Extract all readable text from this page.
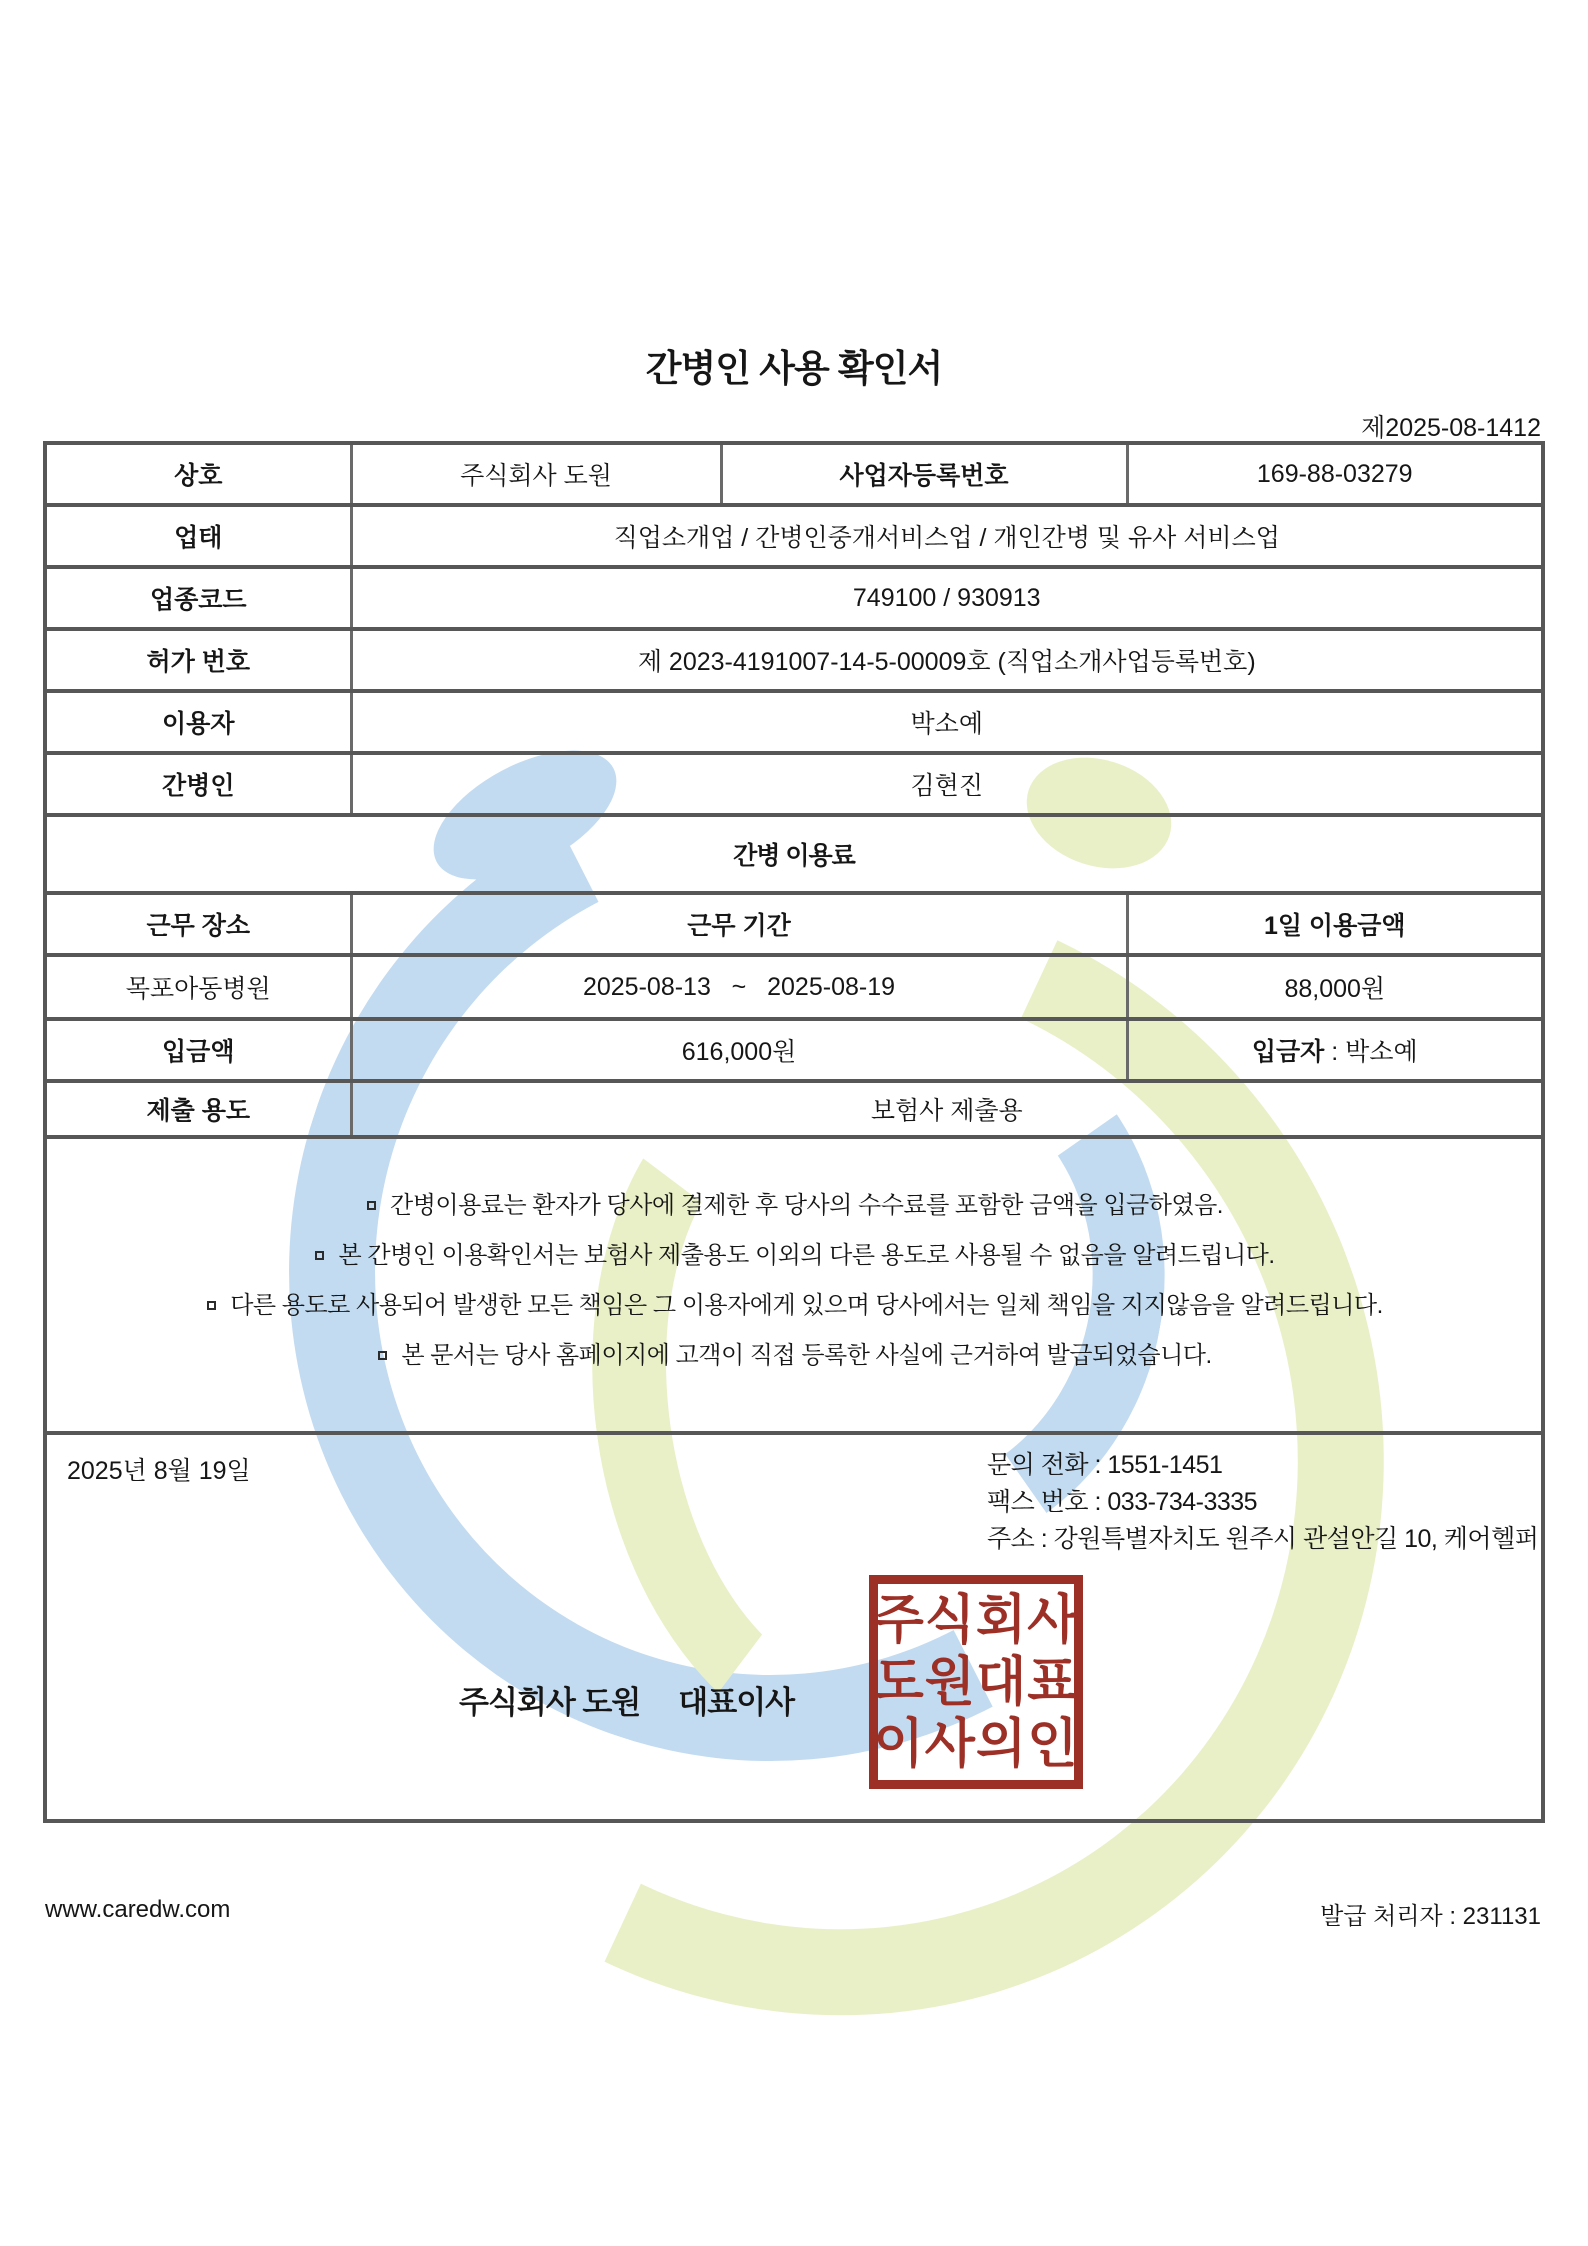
간병인 사용 확인서
제2025-08-1412
상호	주식회사 도원	사업자등록번호	169-88-03279
업태	직업소개업 / 간병인중개서비스업 / 개인간병 및 유사 서비스업		
업종코드	749100 / 930913		
허가 번호	제 2023-4191007-14-5-00009호 (직업소개사업등록번호)		
이용자	박소예		
간병인	김현진		
간병 이용료			
근무 장소	근무 기간		1일 이용금액
목포아동병원	2025-08-13   ~   2025-08-19		88,000원
입금액	616,000원		입금자 : 박소예
제출 용도	보험사 제출용		

간병이용료는 환자가 당사에 결제한 후 당사의 수수료를 포함한 금액을 입금하였음.
본 간병인 이용확인서는 보험사 제출용도 이외의 다른 용도로 사용될 수 없음을 알려드립니다.
다른 용도로 사용되어 발생한 모든 책임은 그 이용자에게 있으며 당사에서는 일체 책임을 지지않음을 알려드립니다.
본 문서는 당사 홈페이지에 고객이 직접 등록한 사실에 근거하여 발급되었습니다.			

2025년 8월 19일	문의 전화 : 1551-1451
팩스 번호 : 033-734-3335
주소 : 강원특별자치도 원주시 관설안길 10, 케어헬퍼
주식회사 도원 대표이사
주식회사
도원대표
이사의인
www.caredw.com	발급 처리자 : 231131
